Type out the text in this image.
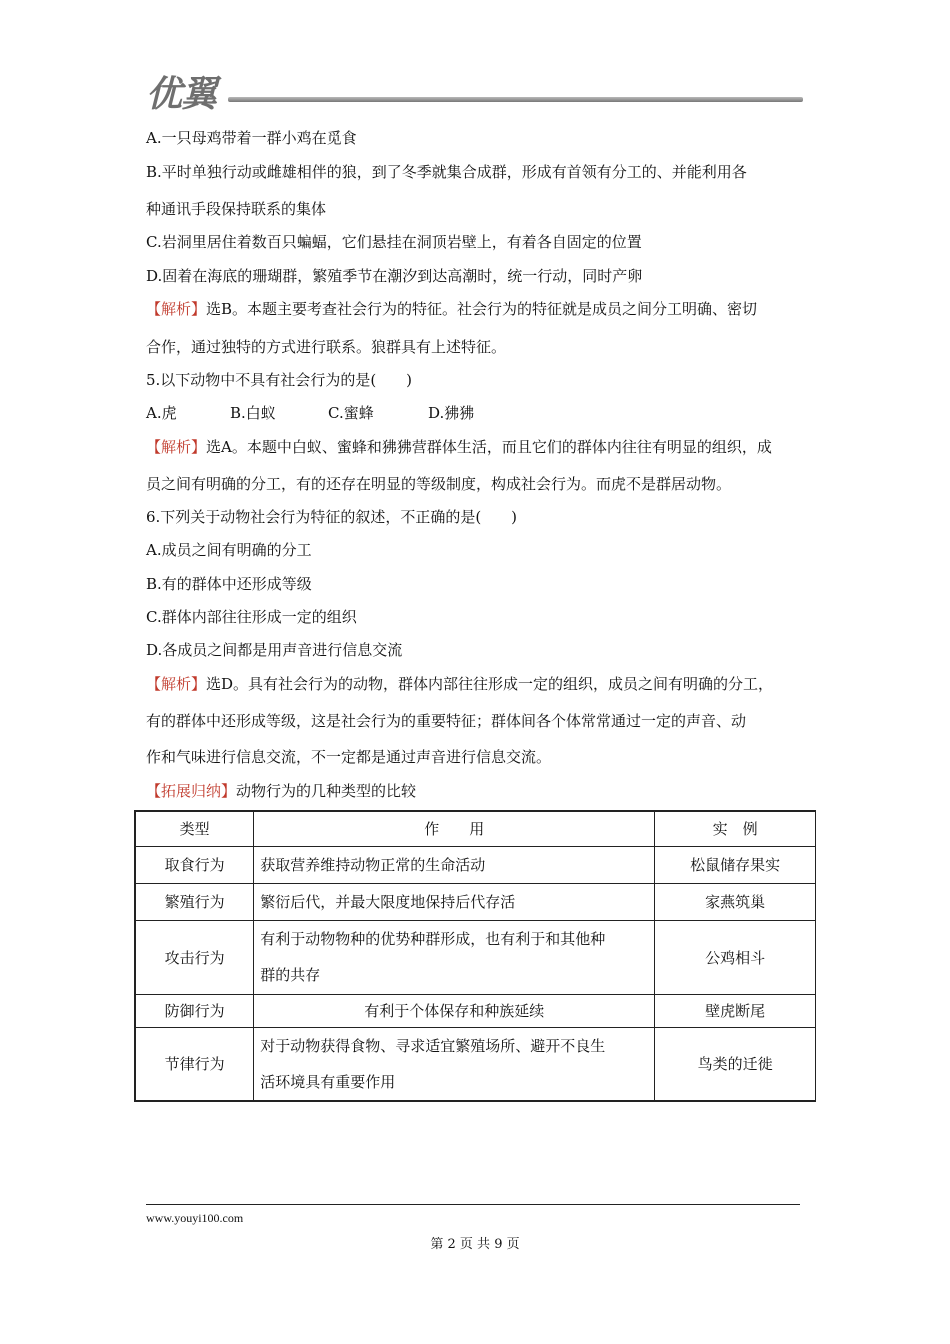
优翼
A.一只母鸡带着一群小鸡在觅食
B.平时单独行动或雌雄相伴的狼，到了冬季就集合成群，形成有首领有分工的、并能利用各
种通讯手段保持联系的集体
C.岩洞里居住着数百只蝙蝠，它们悬挂在洞顶岩壁上，有着各自固定的位置
D.固着在海底的珊瑚群，繁殖季节在潮汐到达高潮时，统一行动，同时产卵
【解析】选B。本题主要考查社会行为的特征。社会行为的特征就是成员之间分工明确、密切
合作，通过独特的方式进行联系。狼群具有上述特征。
5.以下动物中不具有社会行为的是(　　)
A.虎	B.白蚁	C.蜜蜂	D.狒狒
【解析】选A。本题中白蚁、蜜蜂和狒狒营群体生活，而且它们的群体内往往有明显的组织，成
员之间有明确的分工，有的还存在明显的等级制度，构成社会行为。而虎不是群居动物。
6.下列关于动物社会行为特征的叙述，不正确的是(　　)
A.成员之间有明确的分工
B.有的群体中还形成等级
C.群体内部往往形成一定的组织
D.各成员之间都是用声音进行信息交流
【解析】选D。具有社会行为的动物，群体内部往往形成一定的组织，成员之间有明确的分工，
有的群体中还形成等级，这是社会行为的重要特征；群体间各个体常常通过一定的声音、动
作和气味进行信息交流，不一定都是通过声音进行信息交流。
【拓展归纳】动物行为的几种类型的比较
类型	作　　用	实　例
取食行为	获取营养维持动物正常的生命活动	松鼠储存果实
繁殖行为	繁衍后代，并最大限度地保持后代存活	家燕筑巢
攻击行为	有利于动物物种的优势种群形成，也有利于和其他种
群的共存	公鸡相斗
防御行为	有利于个体保存和种族延续	壁虎断尾
节律行为	对于动物获得食物、寻求适宜繁殖场所、避开不良生
活环境具有重要作用	鸟类的迁徙
www.youyi100.com
第 2 页 共 9 页
